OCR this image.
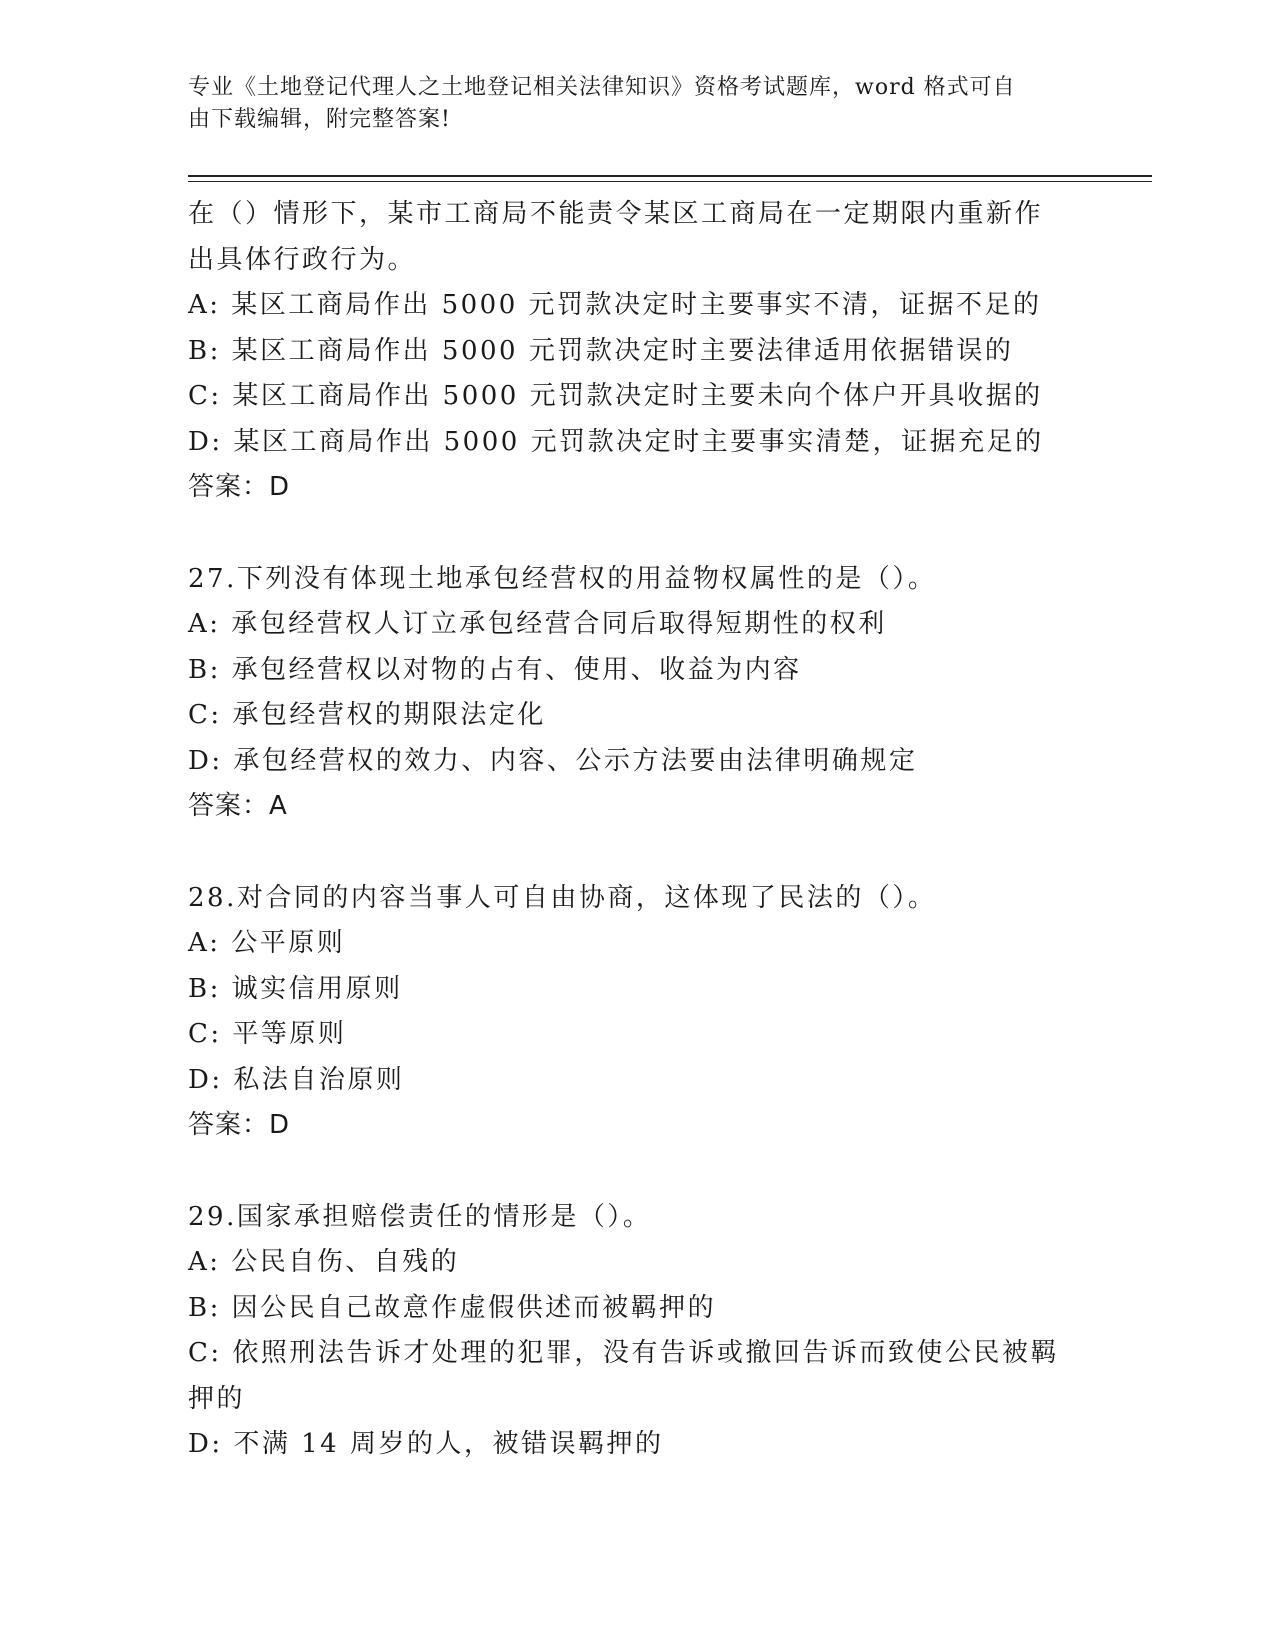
专业《土地登记代理人之土地登记相关法律知识》资格考试题库，word 格式可自
由下载编辑，附完整答案!
在（）情形下，某市工商局不能责令某区工商局在一定期限内重新作
出具体行政行为。
A: 某区工商局作出 5000 元罚款决定时主要事实不清，证据不足的
B: 某区工商局作出 5000 元罚款决定时主要法律适用依据错误的
C: 某区工商局作出 5000 元罚款决定时主要未向个体户开具收据的
D: 某区工商局作出 5000 元罚款决定时主要事实清楚，证据充足的
答案：D
27.下列没有体现土地承包经营权的用益物权属性的是（）。
A: 承包经营权人订立承包经营合同后取得短期性的权利
B: 承包经营权以对物的占有、使用、收益为内容
C: 承包经营权的期限法定化
D: 承包经营权的效力、内容、公示方法要由法律明确规定
答案：A
28.对合同的内容当事人可自由协商，这体现了民法的（）。
A: 公平原则
B: 诚实信用原则
C: 平等原则
D: 私法自治原则
答案：D
29.国家承担赔偿责任的情形是（）。
A: 公民自伤、自残的
B: 因公民自己故意作虚假供述而被羁押的
C: 依照刑法告诉才处理的犯罪，没有告诉或撤回告诉而致使公民被羁
押的
D: 不满 14 周岁的人，被错误羁押的
